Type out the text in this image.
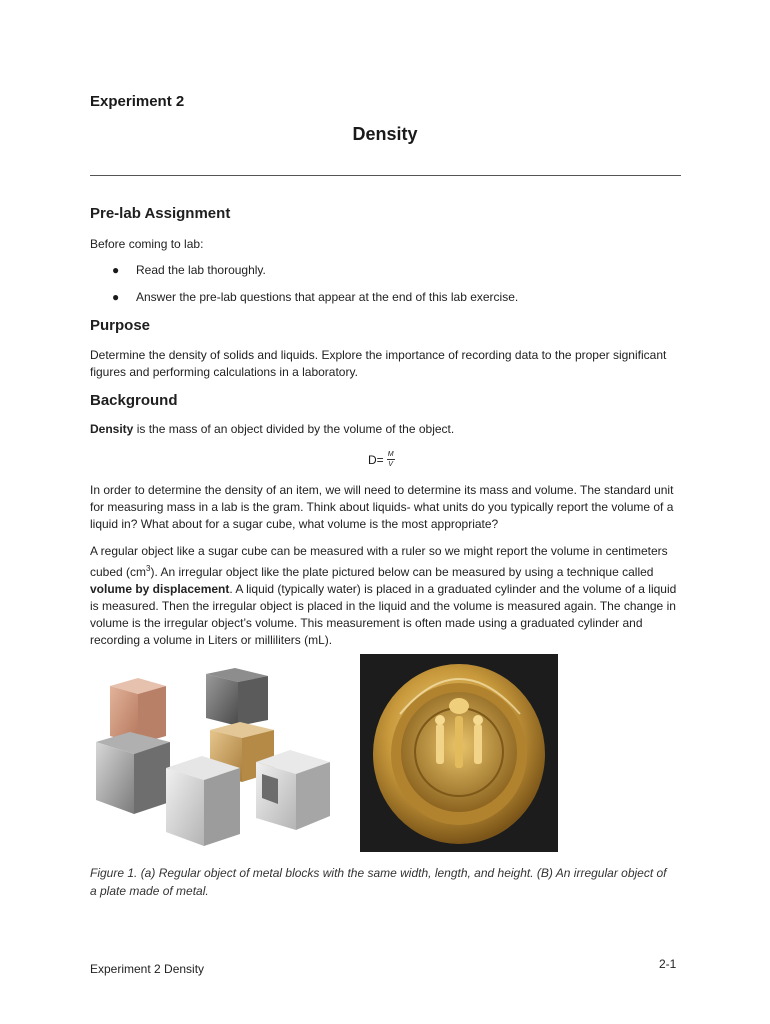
Experiment 2
Density
Pre-lab Assignment
Before coming to lab:
● Read the lab thoroughly.
● Answer the pre-lab questions that appear at the end of this lab exercise.
Purpose
Determine the density of solids and liquids. Explore the importance of recording data to the proper significant figures and performing calculations in a laboratory.
Background
Density is the mass of an object divided by the volume of the object.
$D= \frac{M}{V}$
In order to determine the density of an item, we will need to determine its mass and volume. The standard unit for measuring mass in a lab is the gram. Think about liquids- what units do you typically report the volume of a liquid in? What about for a sugar cube, what volume is the most appropriate?
A regular object like a sugar cube can be measured with a ruler so we might report the volume in centimeters cubed $(cm^3)$. An irregular object like the plate pictured below can be measured by using a technique called volume by displacement. A liquid (typically water) is placed in a graduated cylinder and the volume of a liquid is measured. Then the irregular object is placed in the liquid and the volume is measured again. The change in volume is the irregular object’s volume. This measurement is often made using a graduated cylinder and recording a volume in Liters or milliliters (mL).
Figure 1. (a) Regular object of metal blocks with the same width, length, and height. (B) An irregular object of a plate made of metal.
Experiment 2 Density	2-1
